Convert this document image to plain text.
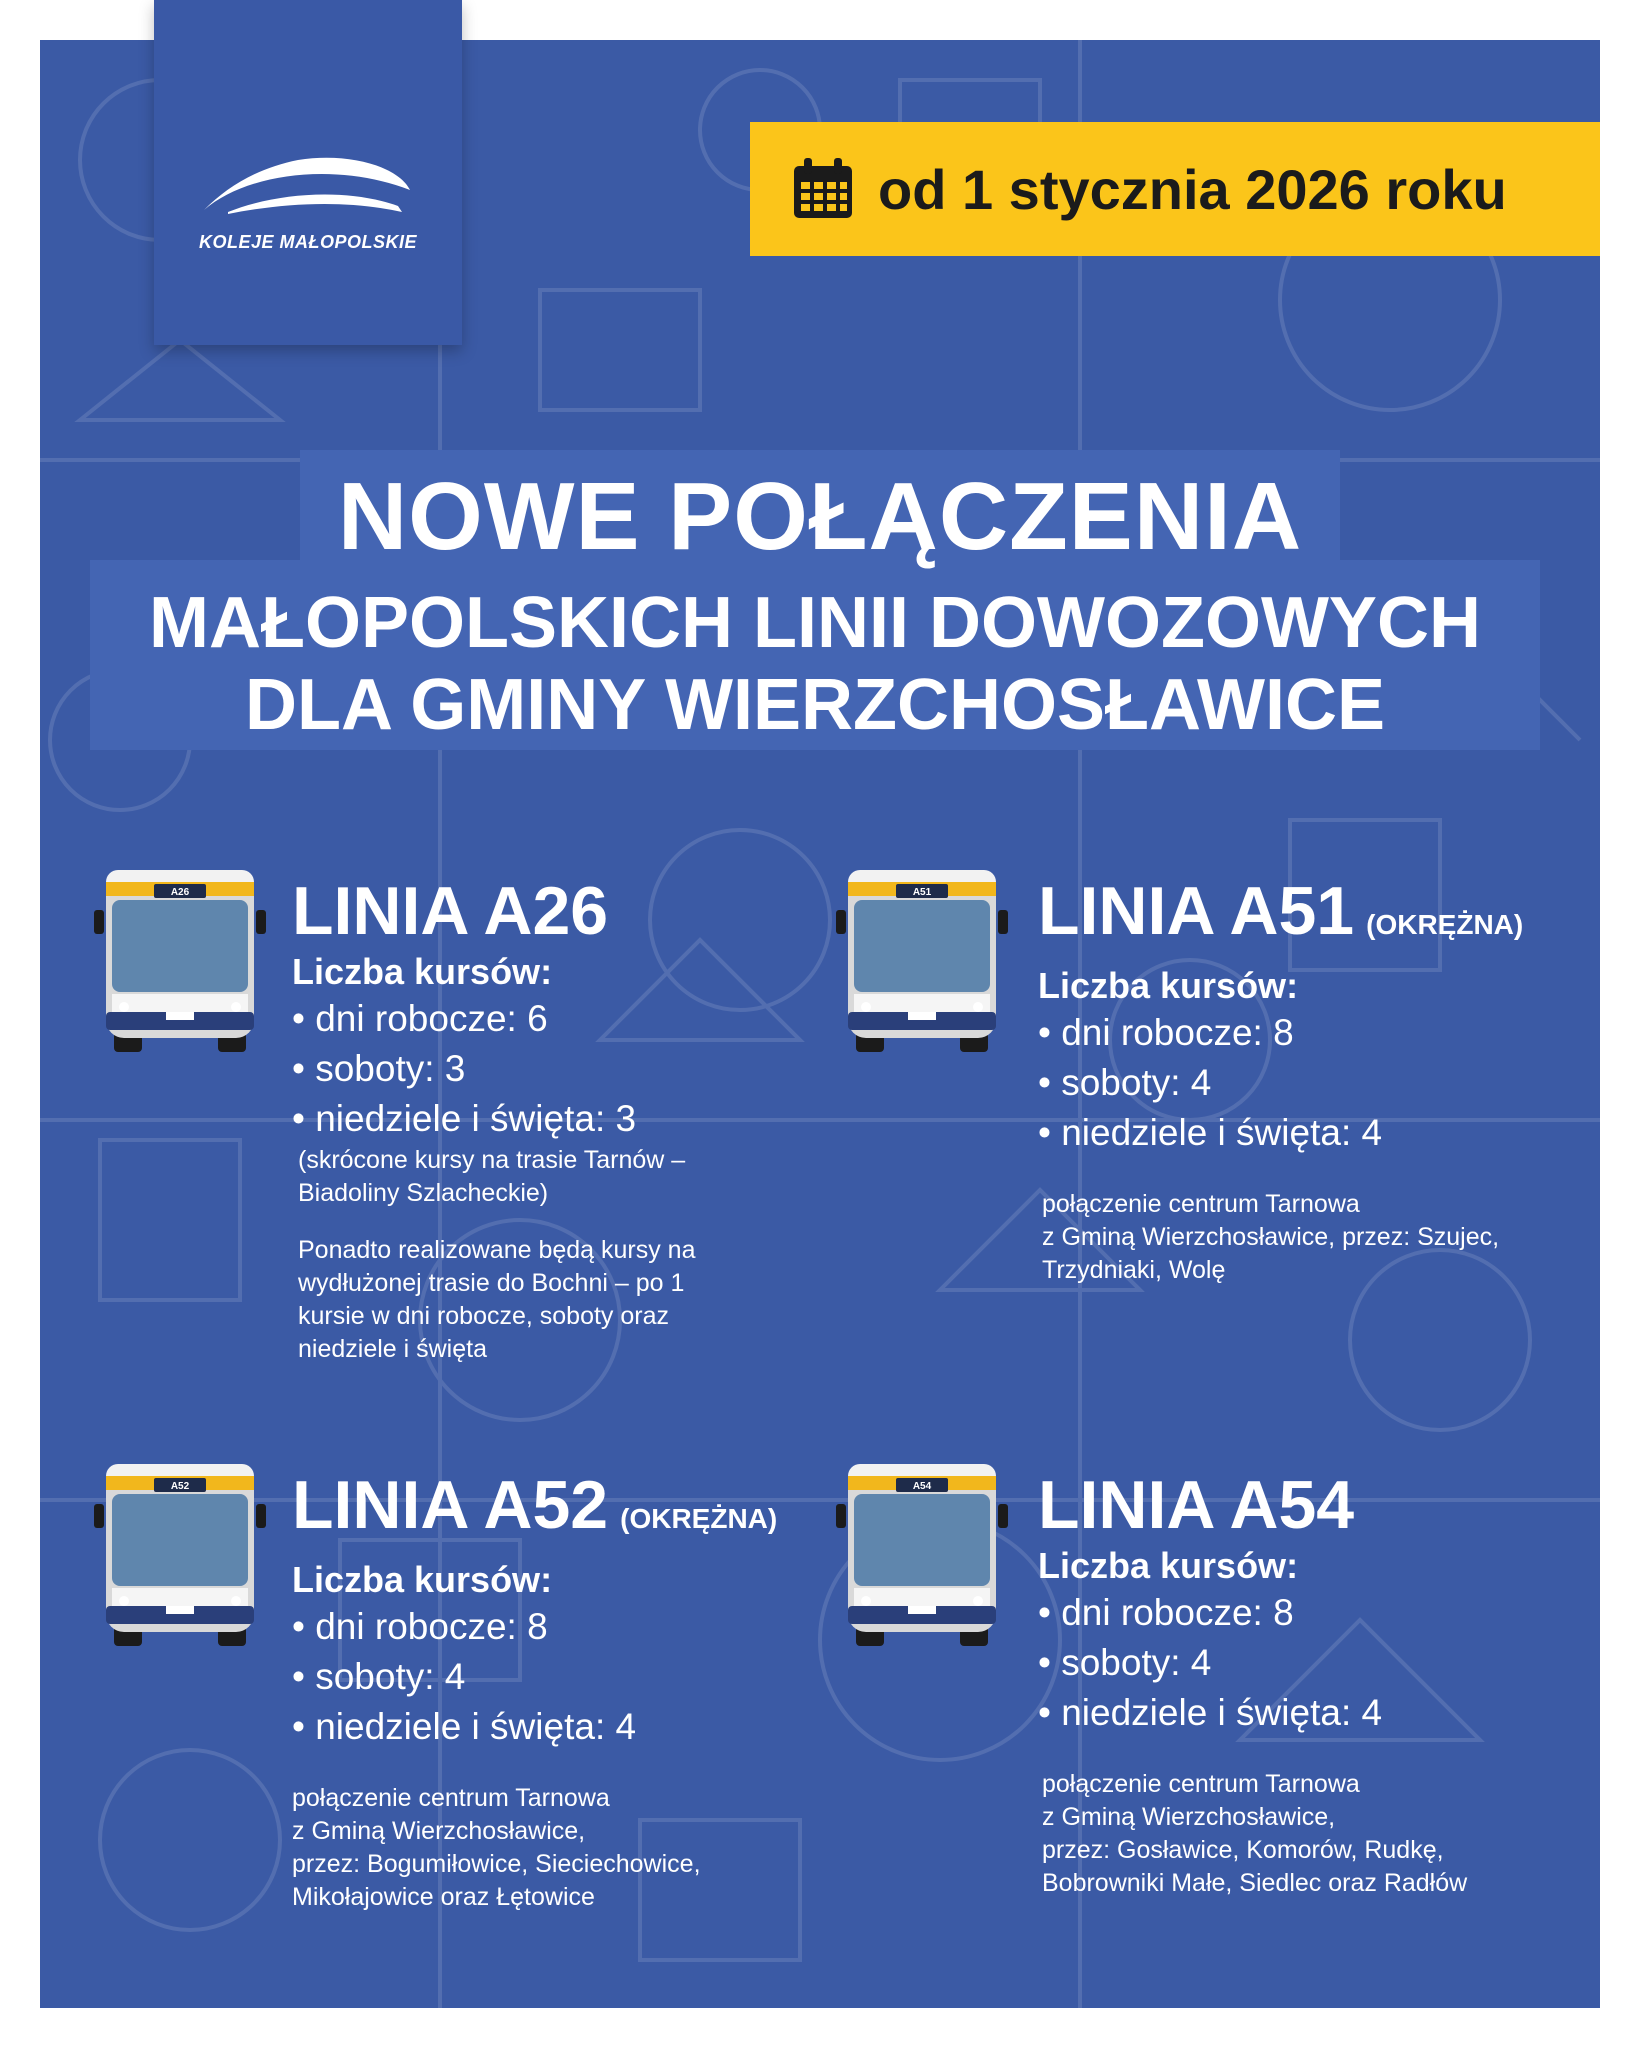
KOLEJE MAŁOPOLSKIE
od 1 stycznia 2026 roku
NOWE POŁĄCZENIA
MAŁOPOLSKICH LINII DOWOZOWYCH
DLA GMINY WIERZCHOSŁAWICE
A26 LINIA A26
Liczba kursów:
• dni robocze: 6
• soboty: 3
• niedziele i święta: 3
(skrócone kursy na trasie Tarnów –
Biadoliny Szlacheckie)
Ponadto realizowane będą kursy na
wydłużonej trasie do Bochni – po 1
kursie w dni robocze, soboty oraz
niedziele i święta
A51 LINIA A51 (OKRĘŻNA)
Liczba kursów:
• dni robocze: 8
• soboty: 4
• niedziele i święta: 4
połączenie centrum Tarnowa
z Gminą Wierzchosławice, przez: Szujec,
Trzydniaki, Wolę
A52 LINIA A52 (OKRĘŻNA)
Liczba kursów:
• dni robocze: 8
• soboty: 4
• niedziele i święta: 4
połączenie centrum Tarnowa
z Gminą Wierzchosławice,
przez: Bogumiłowice, Sieciechowice,
Mikołajowice oraz Łętowice
A54 LINIA A54
Liczba kursów:
• dni robocze: 8
• soboty: 4
• niedziele i święta: 4
połączenie centrum Tarnowa
z Gminą Wierzchosławice,
przez: Gosławice, Komorów, Rudkę,
Bobrowniki Małe, Siedlec oraz Radłów
